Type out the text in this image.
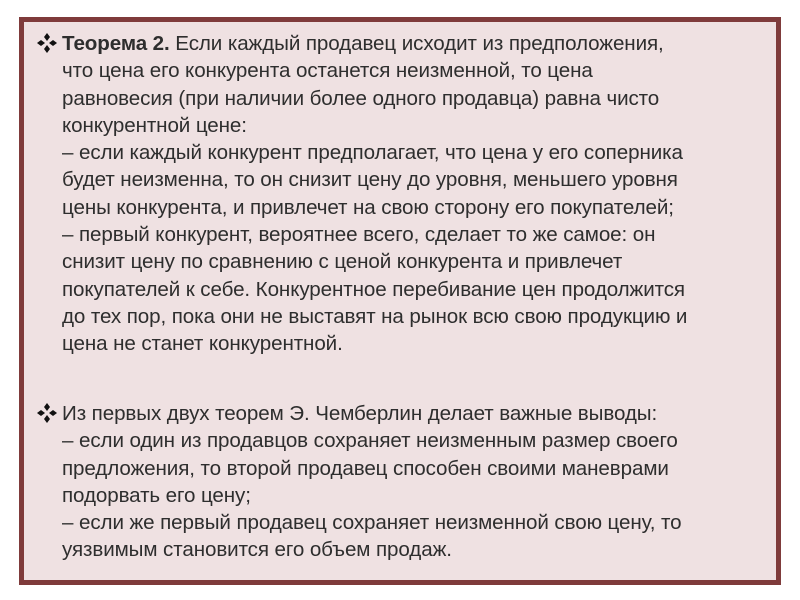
Теорема 2. Если каждый продавец исходит из предположения,
что цена его конкурента останется неизменной, то цена
равновесия (при наличии более одного продавца) равна чисто
конкурентной цене:
– если каждый конкурент предполагает, что цена у его соперника
будет неизменна, то он снизит цену до уровня, меньшего уровня
цены конкурента, и привлечет на свою сторону его покупателей;
– первый конкурент, вероятнее всего, сделает то же самое: он
снизит цену по сравнению с ценой конкурента и привлечет
покупателей к себе. Конкурентное перебивание цен продолжится
до тех пор, пока они не выставят на рынок всю свою продукцию и
цена не станет конкурентной.
Из первых двух теорем Э. Чемберлин делает важные выводы:
– если один из продавцов сохраняет неизменным размер своего
предложения, то второй продавец способен своими маневрами
подорвать его цену;
– если же первый продавец сохраняет неизменной свою цену, то
уязвимым становится его объем продаж.
